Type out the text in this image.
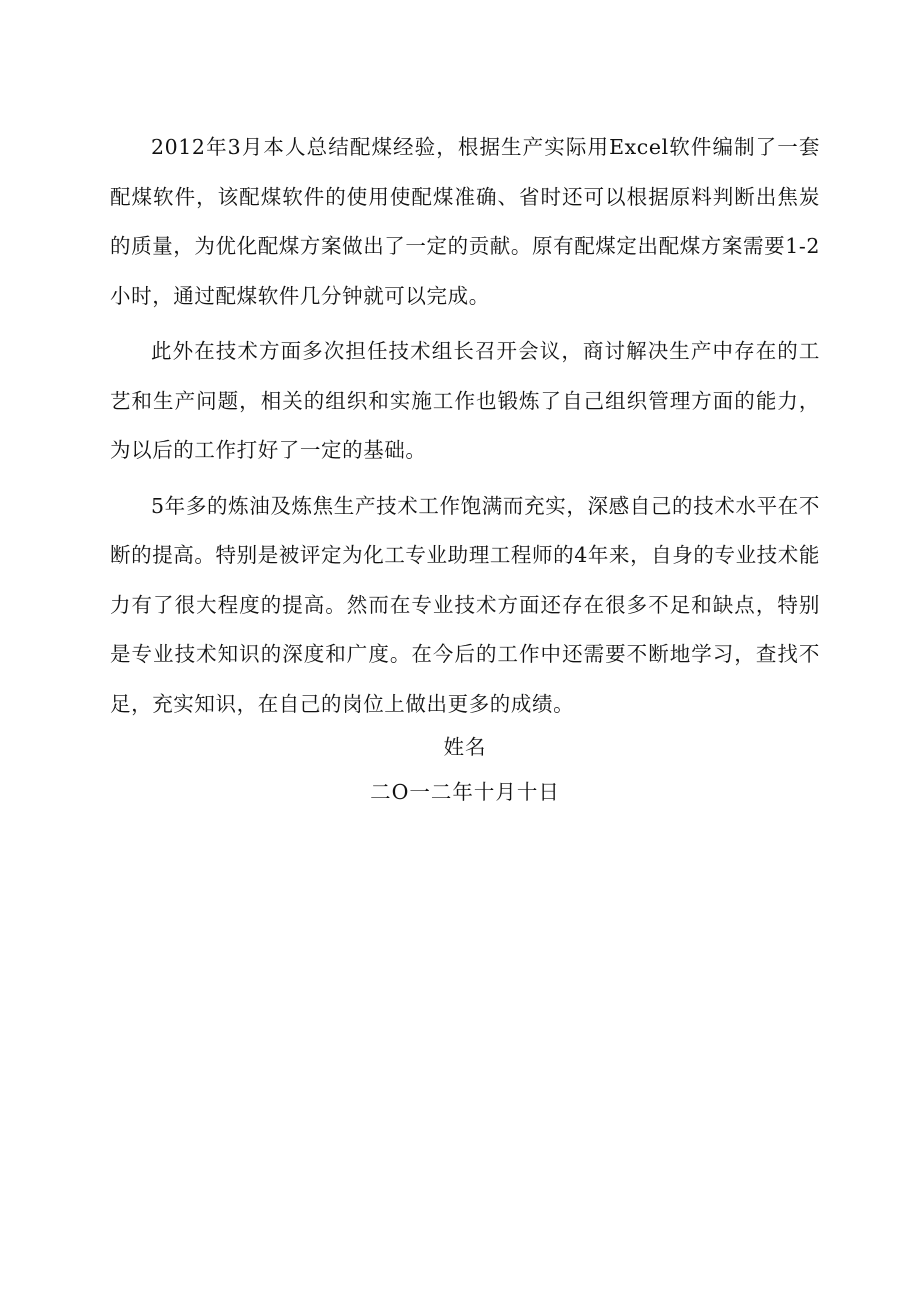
2012年3月本人总结配煤经验，根据生产实际用Excel软件编制了一套配煤软件，该配煤软件的使用使配煤准确、省时还可以根据原料判断出焦炭的质量，为优化配煤方案做出了一定的贡献。原有配煤定出配煤方案需要1-2小时，通过配煤软件几分钟就可以完成。

此外在技术方面多次担任技术组长召开会议，商讨解决生产中存在的工艺和生产问题，相关的组织和实施工作也锻炼了自己组织管理方面的能力，为以后的工作打好了一定的基础。

5年多的炼油及炼焦生产技术工作饱满而充实，深感自己的技术水平在不断的提高。特别是被评定为化工专业助理工程师的4年来，自身的专业技术能力有了很大程度的提高。然而在专业技术方面还存在很多不足和缺点，特别是专业技术知识的深度和广度。在今后的工作中还需要不断地学习，查找不足，充实知识，在自己的岗位上做出更多的成绩。

姓名
二O一二年十月十日
